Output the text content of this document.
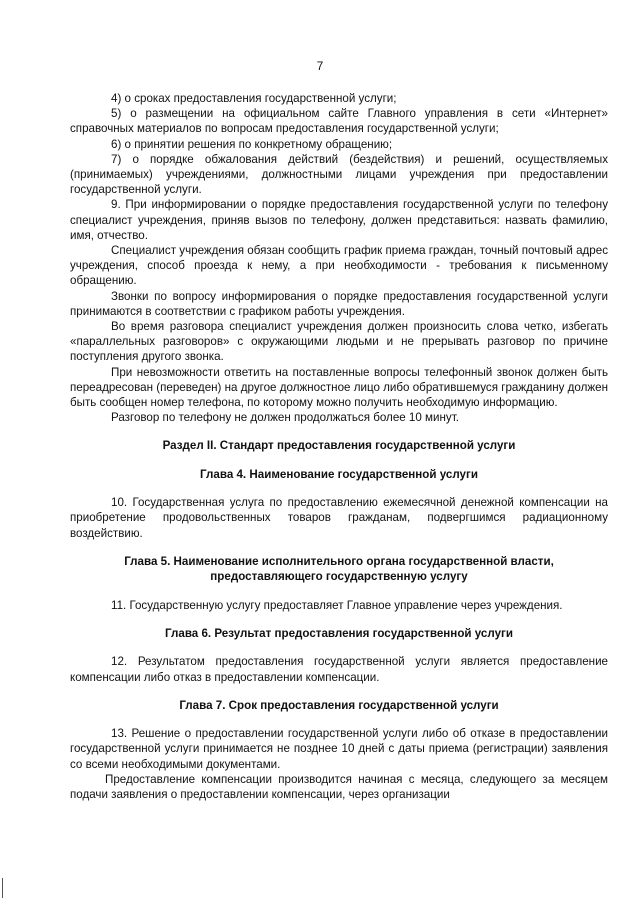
7

4) о сроках предоставления государственной услуги;

5) о размещении на официальном сайте Главного управления в сети «Интернет» справочных материалов по вопросам предоставления государственной услуги;

6) о принятии решения по конкретному обращению;

7) о порядке обжалования действий (бездействия) и решений, осуществляемых (принимаемых) учреждениями, должностными лицами учреждения при предоставлении государственной услуги.

9. При информировании о порядке предоставления государственной услуги по телефону специалист учреждения, приняв вызов по телефону, должен представиться: назвать фамилию, имя, отчество.

Специалист учреждения обязан сообщить график приема граждан, точный почтовый адрес учреждения, способ проезда к нему, а при необходимости - требования к письменному обращению.

Звонки по вопросу информирования о порядке предоставления государственной услуги принимаются в соответствии с графиком работы учреждения.

Во время разговора специалист учреждения должен произносить слова четко, избегать «параллельных разговоров» с окружающими людьми и не прерывать разговор по причине поступления другого звонка.

При невозможности ответить на поставленные вопросы телефонный звонок должен быть переадресован (переведен) на другое должностное лицо либо обратившемуся гражданину должен быть сообщен номер телефона, по которому можно получить необходимую информацию.

Разговор по телефону не должен продолжаться более 10 минут.

Раздел II. Стандарт предоставления государственной услуги
Глава 4. Наименование государственной услуги

10. Государственная услуга по предоставлению ежемесячной денежной компенсации на приобретение продовольственных товаров гражданам, подвергшимся радиационному воздействию.

Глава 5. Наименование исполнительного органа государственной власти,
предоставляющего государственную услугу

11. Государственную услугу предоставляет Главное управление через учреждения.

Глава 6. Результат предоставления государственной услуги

12. Результатом предоставления государственной услуги является предоставление компенсации либо отказ в предоставлении компенсации.

Глава 7. Срок предоставления государственной услуги

13. Решение о предоставлении государственной услуги либо об отказе в предоставлении государственной услуги принимается не позднее 10 дней с даты приема (регистрации) заявления со всеми необходимыми документами.

Предоставление компенсации производится начиная с месяца, следующего за месяцем подачи заявления о предоставлении компенсации, через организации
